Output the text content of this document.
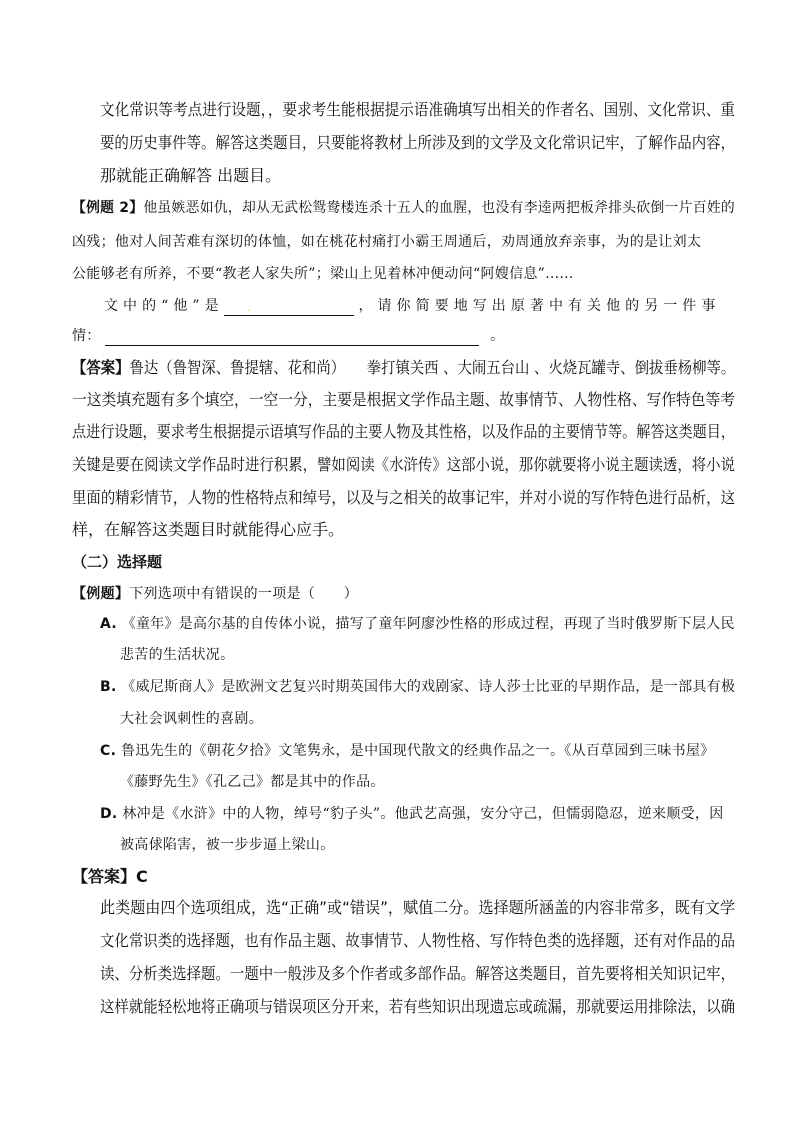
文化常识等考点进行设题，，要求考生能根据提示语准确填写出相关的作者名、国别、文化常识、重
要的历史事件等。解答这类题目，只要能将教材上所涉及到的文学及文化常识记牢，了解作品内容，
那就能正确解答 出题目。
【例题 2】他虽嫉恶如仇，却从无武松鸳鸯楼连杀十五人的血腥，也没有李逵两把板斧排头砍倒一片百姓的
凶残；他对人间苦难有深切的体恤，如在桃花村痛打小霸王周通后，劝周通放弃亲事，为的是让刘太
公能够老有所养，不要“教老人家失所”；梁山上见着林冲便动问“阿嫂信息”……
文 中 的 “ 他 ” 是	.	， 请 你 简 要 地 写 出 原 著 中 有 关 他 的 另 一 件 事
情：	。
【答案】鲁达（鲁智深、鲁提辖、花和尚）　　拳打镇关西 、大闹五台山 、火烧瓦罐寺、倒拔垂杨柳等。
一这类填充题有多个填空，一空一分，主要是根据文学作品主题、故事情节、人物性格、写作特色等考
点进行设题，要求考生根据提示语填写作品的主要人物及其性格，以及作品的主要情节等。解答这类题目，
关键是要在阅读文学作品时进行积累，譬如阅读《水浒传》这部小说，那你就要将小说主题读透，将小说
里面的精彩情节，人物的性格特点和绰号，以及与之相关的故事记牢，并对小说的写作特色进行品析，这
样，在解答这类题目时就能得心应手。
（二）选择题
【例题】下列选项中有错误的一项是（　　）
A. 《童年》是高尔基的自传体小说，描写了童年阿廖沙性格的形成过程，再现了当时俄罗斯下层人民
悲苦的生活状况。
B. 《威尼斯商人》是欧洲文艺复兴时期英国伟大的戏剧家、诗人莎士比亚的早期作品，是一部具有极
大社会讽刺性的喜剧。
C. 鲁迅先生的《朝花夕拾》文笔隽永，是中国现代散文的经典作品之一。《从百草园到三味书屋》
《藤野先生》《孔乙己》都是其中的作品。
D. 林冲是《水浒》中的人物，绰号“豹子头”。他武艺高强，安分守己，但懦弱隐忍，逆来顺受，因
被高俅陷害，被一步步逼上梁山。
【答案】C
此类题由四个选项组成，选“正确”或“错误”，赋值二分。选择题所涵盖的内容非常多，既有文学
文化常识类的选择题，也有作品主题、故事情节、人物性格、写作特色类的选择题，还有对作品的品
读、分析类选择题。一题中一般涉及多个作者或多部作品。解答这类题目，首先要将相关知识记牢，
这样就能轻松地将正确项与错误项区分开来，若有些知识出现遗忘或疏漏，那就要运用排除法，以确
